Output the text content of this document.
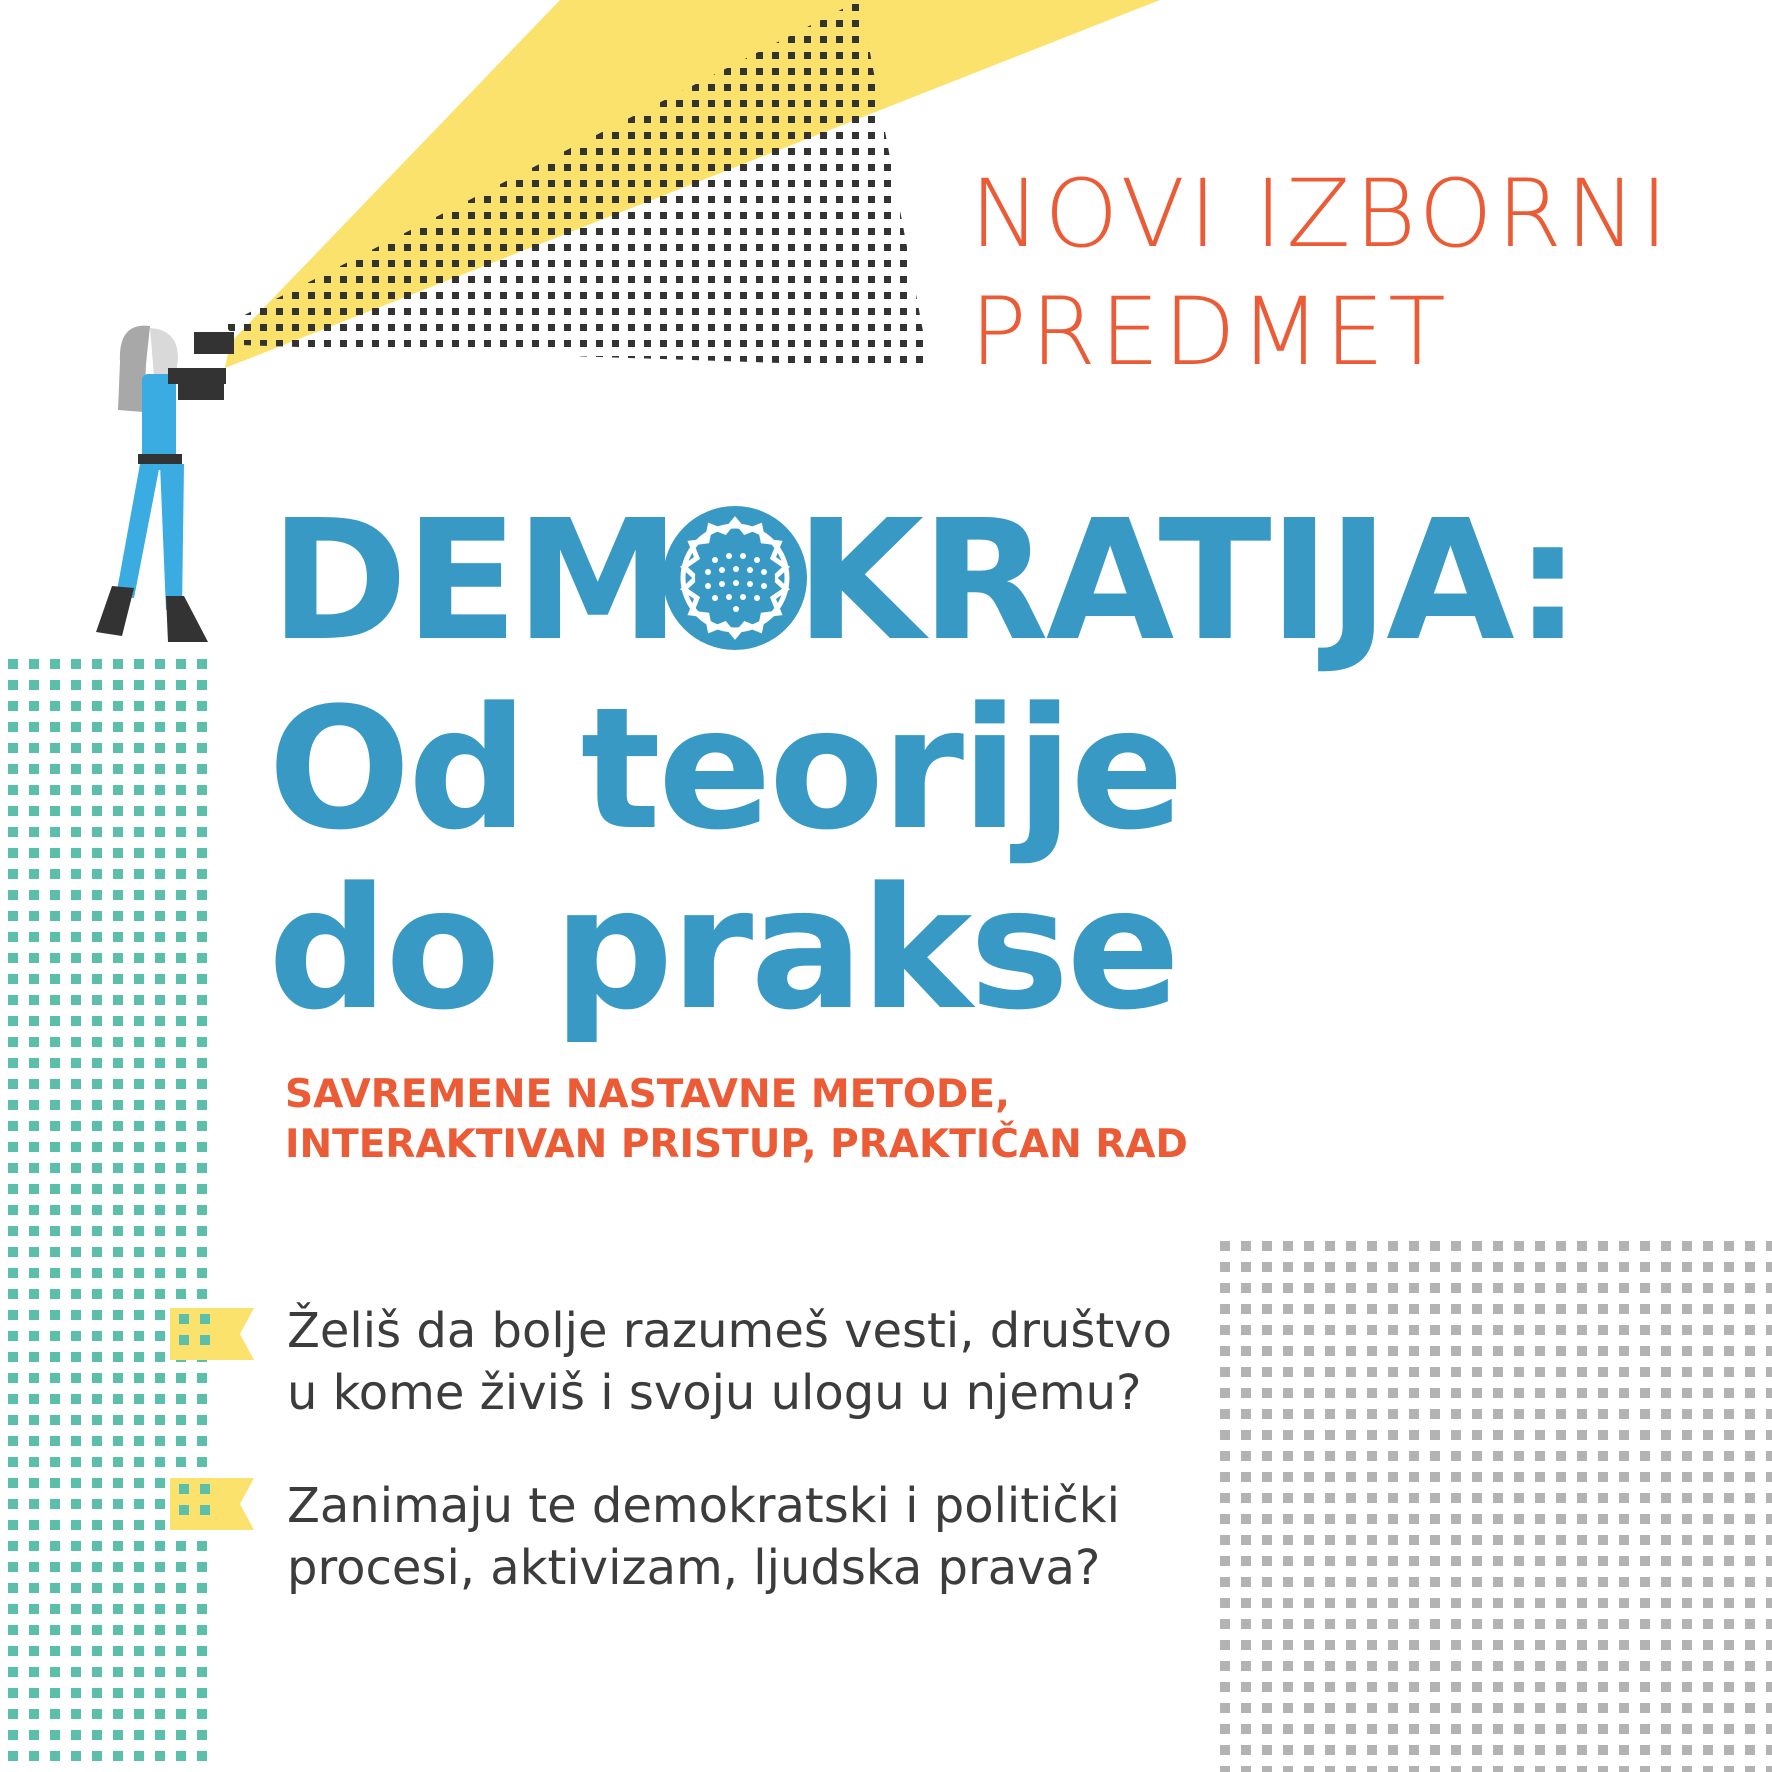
NOVI IZBORNI
PREDMET
DEM KRATIJA:
Od teorije
do prakse
SAVREMENE NASTAVNE METODE,
INTERAKTIVAN PRISTUP, PRAKTIČAN RAD
Želiš da bolje razumeš vesti, društvo
u kome živiš i svoju ulogu u njemu?
Zanimaju te demokratski i politički
procesi, aktivizam, ljudska prava?
